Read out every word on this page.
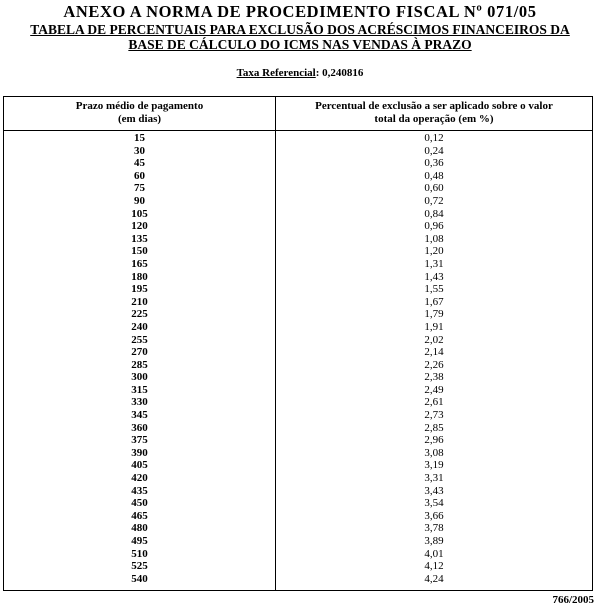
ANEXO A NORMA DE PROCEDIMENTO FISCAL Nº 071/05
TABELA DE PERCENTUAIS PARA EXCLUSÃO DOS ACRÉSCIMOS FINANCEIROS DA
BASE DE CÁLCULO DO ICMS NAS VENDAS À PRAZO
Taxa Referencial: 0,240816
Prazo médio de pagamento
(em dias)
Percentual de exclusão a ser aplicado sobre o valor
total da operação (em %)
15	0,12
30	0,24
45	0,36
60	0,48
75	0,60
90	0,72
105	0,84
120	0,96
135	1,08
150	1,20
165	1,31
180	1,43
195	1,55
210	1,67
225	1,79
240	1,91
255	2,02
270	2,14
285	2,26
300	2,38
315	2,49
330	2,61
345	2,73
360	2,85
375	2,96
390	3,08
405	3,19
420	3,31
435	3,43
450	3,54
465	3,66
480	3,78
495	3,89
510	4,01
525	4,12
540	4,24
766/2005
